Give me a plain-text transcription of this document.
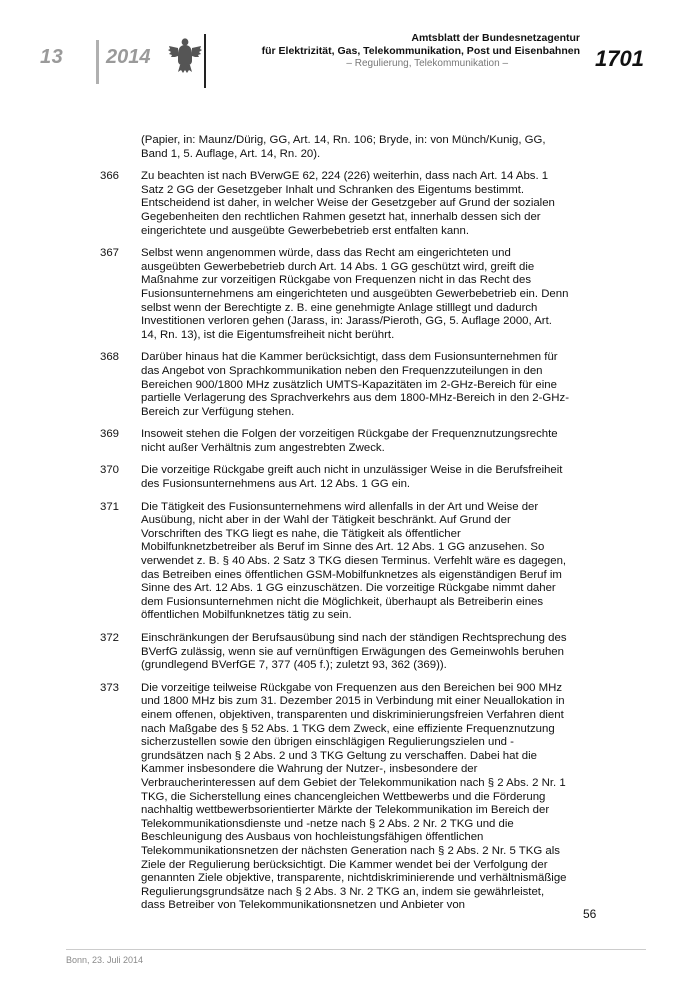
13 2014
Amtsblatt der Bundesnetzagentur
für Elektrizität, Gas, Telekommunikation, Post und Eisenbahnen
– Regulierung, Telekommunikation –	1701
(Papier, in: Maunz/Dürig, GG, Art. 14, Rn. 106; Bryde, in: von Münch/Kunig, GG, Band 1, 5. Auflage, Art. 14, Rn. 20).
366 Zu beachten ist nach BVerwGE 62, 224 (226) weiterhin, dass nach Art. 14 Abs. 1 Satz 2 GG der Gesetzgeber Inhalt und Schranken des Eigentums bestimmt. Entscheidend ist daher, in welcher Weise der Gesetzgeber auf Grund der sozialen Gegebenheiten den rechtlichen Rahmen gesetzt hat, innerhalb dessen sich der eingerichtete und ausgeübte Gewerbebetrieb erst entfalten kann.
367 Selbst wenn angenommen würde, dass das Recht am eingerichteten und ausgeübten Gewerbebetrieb durch Art. 14 Abs. 1 GG geschützt wird, greift die Maßnahme zur vorzeitigen Rückgabe von Frequenzen nicht in das Recht des Fusionsunternehmens am eingerichteten und ausgeübten Gewerbebetrieb ein. Denn selbst wenn der Berechtigte z. B. eine genehmigte Anlage stilllegt und dadurch Investitionen verloren gehen (Jarass, in: Jarass/Pieroth, GG, 5. Auflage 2000, Art. 14, Rn. 13), ist die Eigentumsfreiheit nicht berührt.
368 Darüber hinaus hat die Kammer berücksichtigt, dass dem Fusionsunternehmen für das Angebot von Sprachkommunikation neben den Frequenzzuteilungen in den Bereichen 900/1800 MHz zusätzlich UMTS-Kapazitäten im 2-GHz-Bereich für eine partielle Verlagerung des Sprachverkehrs aus dem 1800-MHz-Bereich in den 2-GHz-Bereich zur Verfügung stehen.
369 Insoweit stehen die Folgen der vorzeitigen Rückgabe der Frequenznutzungsrechte nicht außer Verhältnis zum angestrebten Zweck.
370 Die vorzeitige Rückgabe greift auch nicht in unzulässiger Weise in die Berufsfreiheit des Fusionsunternehmens aus Art. 12 Abs. 1 GG ein.
371 Die Tätigkeit des Fusionsunternehmens wird allenfalls in der Art und Weise der Ausübung, nicht aber in der Wahl der Tätigkeit beschränkt. Auf Grund der Vorschriften des TKG liegt es nahe, die Tätigkeit als öffentlicher Mobilfunknetzbetreiber als Beruf im Sinne des Art. 12 Abs. 1 GG anzusehen. So verwendet z. B. § 40 Abs. 2 Satz 3 TKG diesen Terminus. Verfehlt wäre es dagegen, das Betreiben eines öffentlichen GSM-Mobilfunknetzes als eigenständigen Beruf im Sinne des Art. 12 Abs. 1 GG einzuschätzen. Die vorzeitige Rückgabe nimmt daher dem Fusionsunternehmen nicht die Möglichkeit, überhaupt als Betreiberin eines öffentlichen Mobilfunknetzes tätig zu sein.
372 Einschränkungen der Berufsausübung sind nach der ständigen Rechtsprechung des BVerfG zulässig, wenn sie auf vernünftigen Erwägungen des Gemeinwohls beruhen (grundlegend BVerfGE 7, 377 (405 f.); zuletzt 93, 362 (369)).
373 Die vorzeitige teilweise Rückgabe von Frequenzen aus den Bereichen bei 900 MHz und 1800 MHz bis zum 31. Dezember 2015 in Verbindung mit einer Neuallokation in einem offenen, objektiven, transparenten und diskriminierungsfreien Verfahren dient nach Maßgabe des § 52 Abs. 1 TKG dem Zweck, eine effiziente Frequenznutzung sicherzustellen sowie den übrigen einschlägigen Regulierungszielen und -grundsätzen nach § 2 Abs. 2 und 3 TKG Geltung zu verschaffen. Dabei hat die Kammer insbesondere die Wahrung der Nutzer-, insbesondere der Verbraucherinteressen auf dem Gebiet der Telekommunikation nach § 2 Abs. 2 Nr. 1 TKG, die Sicherstellung eines chancengleichen Wettbewerbs und die Förderung nachhaltig wettbewerbsorientierter Märkte der Telekommunikation im Bereich der Telekommunikationsdienste und -netze nach § 2 Abs. 2 Nr. 2 TKG und die Beschleunigung des Ausbaus von hochleistungsfähigen öffentlichen Telekommunikationsnetzen der nächsten Generation nach § 2 Abs. 2 Nr. 5 TKG als Ziele der Regulierung berücksichtigt. Die Kammer wendet bei der Verfolgung der genannten Ziele objektive, transparente, nichtdiskriminierende und verhältnismäßige Regulierungsgrundsätze nach § 2 Abs. 3 Nr. 2 TKG an, indem sie gewährleistet, dass Betreiber von Telekommunikationsnetzen und Anbieter von
56
Bonn, 23. Juli 2014
